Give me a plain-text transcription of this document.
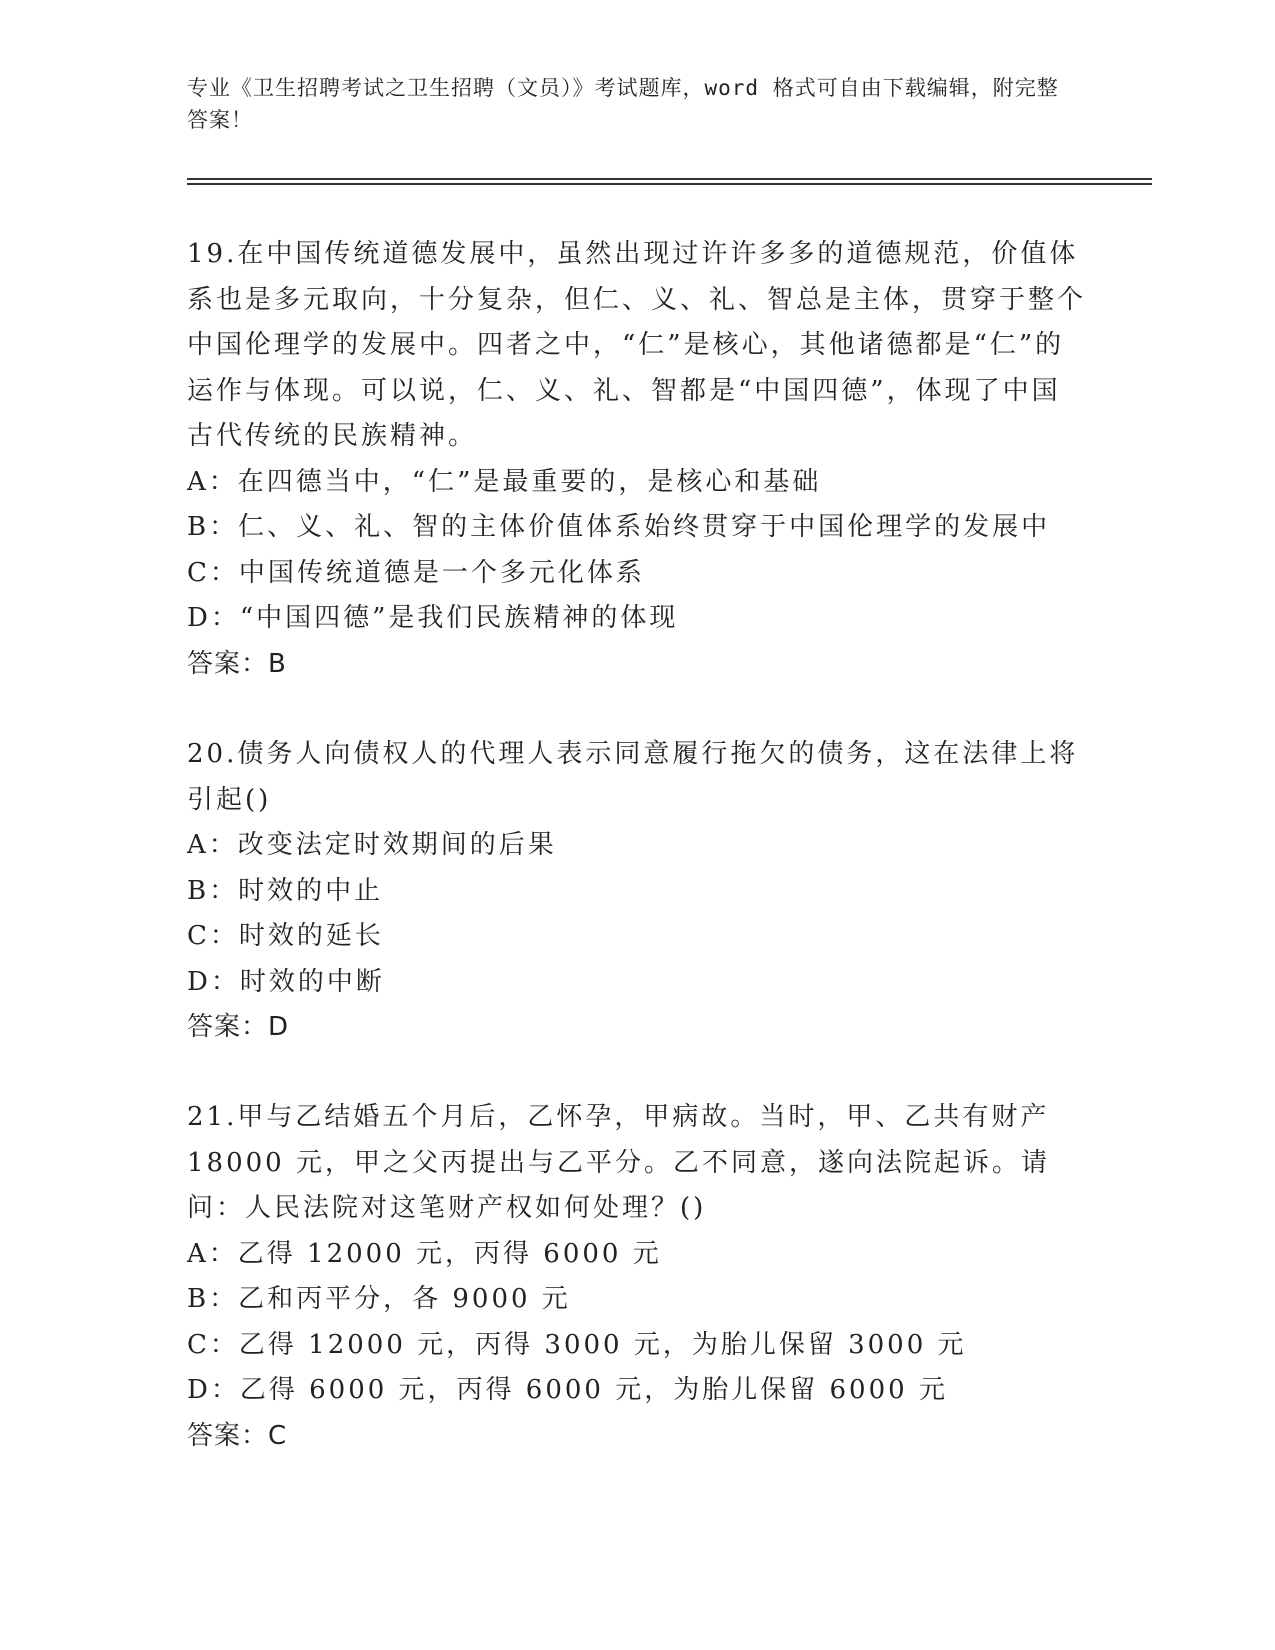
专业《卫生招聘考试之卫生招聘（文员）》考试题库，word 格式可自由下载编辑，附完整答案！

19.在中国传统道德发展中，虽然出现过许许多多的道德规范，价值体系也是多元取向，十分复杂，但仁、义、礼、智总是主体，贯穿于整个中国伦理学的发展中。四者之中，“仁”是核心，其他诸德都是“仁”的运作与体现。可以说，仁、义、礼、智都是“中国四德”，体现了中国古代传统的民族精神。

A：在四德当中，“仁”是最重要的，是核心和基础

B：仁、义、礼、智的主体价值体系始终贯穿于中国伦理学的发展中

C：中国传统道德是一个多元化体系

D：“中国四德”是我们民族精神的体现

答案：B

20.债务人向债权人的代理人表示同意履行拖欠的债务，这在法律上将引起()

A：改变法定时效期间的后果

B：时效的中止

C：时效的延长

D：时效的中断

答案：D

21.甲与乙结婚五个月后，乙怀孕，甲病故。当时，甲、乙共有财产 18000 元，甲之父丙提出与乙平分。乙不同意，遂向法院起诉。请问：人民法院对这笔财产权如何处理？()

A：乙得 12000 元，丙得 6000 元

B：乙和丙平分，各 9000 元

C：乙得 12000 元，丙得 3000 元，为胎儿保留 3000 元

D：乙得 6000 元，丙得 6000 元，为胎儿保留 6000 元

答案：C
